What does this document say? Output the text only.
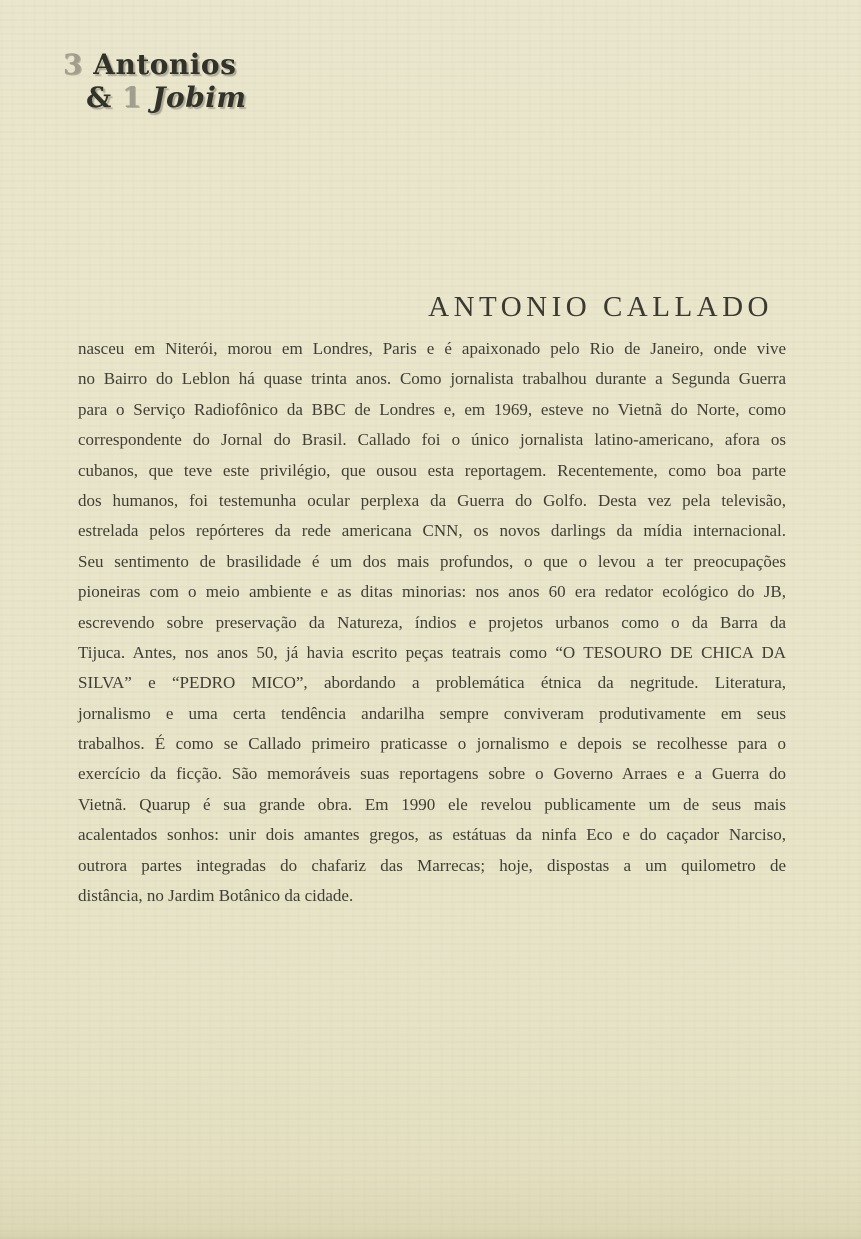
3 Antonios
& 1 Jobim
ANTONIO CALLADO
nasceu em Niterói, morou em Londres, Paris e é apaixonado pelo Rio de Janeiro, onde vive
no Bairro do Leblon há quase trinta anos. Como jornalista trabalhou durante a Segunda Guerra
para o Serviço Radiofônico da BBC de Londres e, em 1969, esteve no Vietnã do Norte, como
correspondente do Jornal do Brasil. Callado foi o único jornalista latino-americano, afora os
cubanos, que teve este privilégio, que ousou esta reportagem. Recentemente, como boa parte
dos humanos, foi testemunha ocular perplexa da Guerra do Golfo. Desta vez pela televisão,
estrelada pelos repórteres da rede americana CNN, os novos darlings da mídia internacional.
Seu sentimento de brasilidade é um dos mais profundos, o que o levou a ter preocupações
pioneiras com o meio ambiente e as ditas minorias: nos anos 60 era redator ecológico do JB,
escrevendo sobre preservação da Natureza, índios e projetos urbanos como o da Barra da
Tijuca. Antes, nos anos 50, já havia escrito peças teatrais como “O TESOURO DE CHICA DA
SILVA” e “PEDRO MICO”, abordando a problemática étnica da negritude. Literatura,
jornalismo e uma certa tendência andarilha sempre conviveram produtivamente em seus
trabalhos. É como se Callado primeiro praticasse o jornalismo e depois se recolhesse para o
exercício da ficção. São memoráveis suas reportagens sobre o Governo Arraes e a Guerra do
Vietnã. Quarup é sua grande obra. Em 1990 ele revelou publicamente um de seus mais
acalentados sonhos: unir dois amantes gregos, as estátuas da ninfa Eco e do caçador Narciso,
outrora partes integradas do chafariz das Marrecas; hoje, dispostas a um quilometro de
distância, no Jardim Botânico da cidade.
